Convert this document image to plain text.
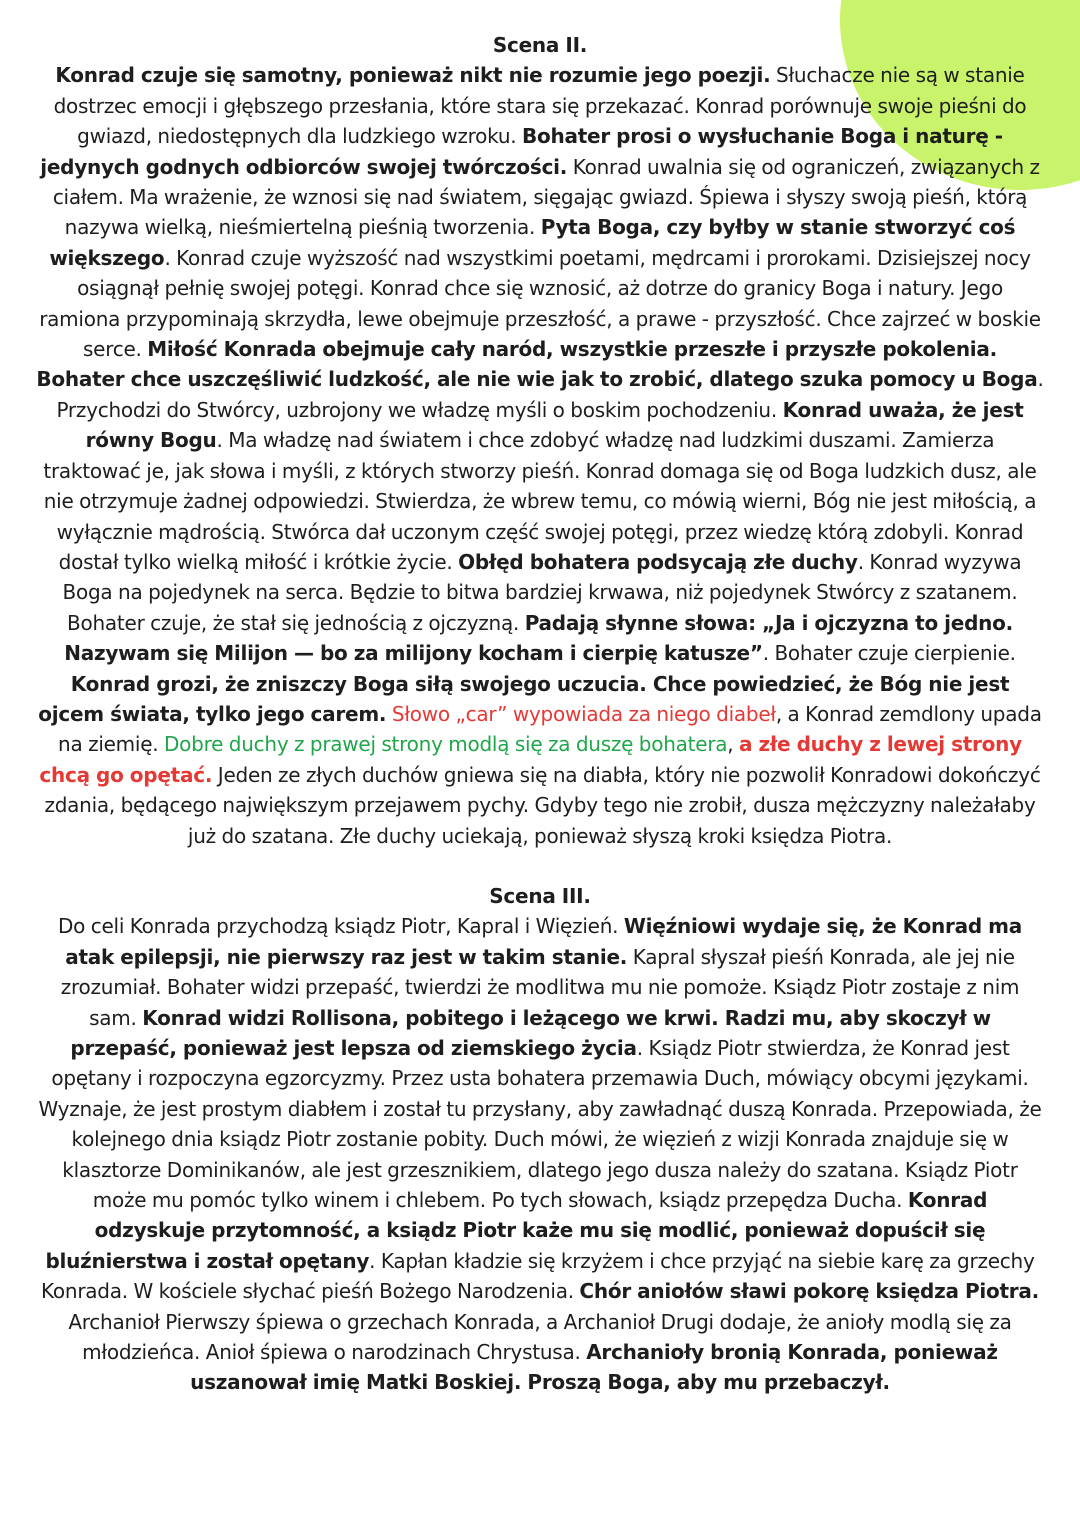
Scena II.

Konrad czuje się samotny, ponieważ nikt nie rozumie jego poezji. Słuchacze nie są w stanie dostrzec emocji i głębszego przesłania, które stara się przekazać. Konrad porównuje swoje pieśni do gwiazd, niedostępnych dla ludzkiego wzroku. Bohater prosi o wysłuchanie Boga i naturę - jedynych godnych odbiorców swojej twórczości. Konrad uwalnia się od ograniczeń, związanych z ciałem. Ma wrażenie, że wznosi się nad światem, sięgając gwiazd. Śpiewa i słyszy swoją pieśń, którą nazywa wielką, nieśmiertelną pieśnią tworzenia. Pyta Boga, czy byłby w stanie stworzyć coś większego. Konrad czuje wyższość nad wszystkimi poetami, mędrcami i prorokami. Dzisiejszej nocy osiągnął pełnię swojej potęgi. Konrad chce się wznosić, aż dotrze do granicy Boga i natury. Jego ramiona przypominają skrzydła, lewe obejmuje przeszłość, a prawe - przyszłość. Chce zajrzeć w boskie serce. Miłość Konrada obejmuje cały naród, wszystkie przeszłe i przyszłe pokolenia. Bohater chce uszczęśliwić ludzkość, ale nie wie jak to zrobić, dlatego szuka pomocy u Boga. Przychodzi do Stwórcy, uzbrojony we władzę myśli o boskim pochodzeniu. Konrad uważa, że jest równy Bogu. Ma władzę nad światem i chce zdobyć władzę nad ludzkimi duszami. Zamierza traktować je, jak słowa i myśli, z których stworzy pieśń. Konrad domaga się od Boga ludzkich dusz, ale nie otrzymuje żadnej odpowiedzi. Stwierdza, że wbrew temu, co mówią wierni, Bóg nie jest miłością, a wyłącznie mądrością. Stwórca dał uczonym część swojej potęgi, przez wiedzę którą zdobyli. Konrad dostał tylko wielką miłość i krótkie życie. Obłęd bohatera podsycają złe duchy. Konrad wyzywa Boga na pojedynek na serca. Będzie to bitwa bardziej krwawa, niż pojedynek Stwórcy z szatanem. Bohater czuje, że stał się jednością z ojczyzną. Padają słynne słowa: „Ja i ojczyzna to jedno. Nazywam się Milijon — bo za milijony kocham i cierpię katusze”. Bohater czuje cierpienie. Konrad grozi, że zniszczy Boga siłą swojego uczucia. Chce powiedzieć, że Bóg nie jest ojcem świata, tylko jego carem. Słowo „car” wypowiada za niego diabeł, a Konrad zemdlony upada na ziemię. Dobre duchy z prawej strony modlą się za duszę bohatera, a złe duchy z lewej strony chcą go opętać. Jeden ze złych duchów gniewa się na diabła, który nie pozwolił Konradowi dokończyć zdania, będącego największym przejawem pychy. Gdyby tego nie zrobił, dusza mężczyzny należałaby już do szatana. Złe duchy uciekają, ponieważ słyszą kroki księdza Piotra.

Scena III.

Do celi Konrada przychodzą ksiądz Piotr, Kapral i Więzień. Więźniowi wydaje się, że Konrad ma atak epilepsji, nie pierwszy raz jest w takim stanie. Kapral słyszał pieśń Konrada, ale jej nie zrozumiał. Bohater widzi przepaść, twierdzi że modlitwa mu nie pomoże. Ksiądz Piotr zostaje z nim sam. Konrad widzi Rollisona, pobitego i leżącego we krwi. Radzi mu, aby skoczył w przepaść, ponieważ jest lepsza od ziemskiego życia. Ksiądz Piotr stwierdza, że Konrad jest opętany i rozpoczyna egzorcyzmy. Przez usta bohatera przemawia Duch, mówiący obcymi językami. Wyznaje, że jest prostym diabłem i został tu przysłany, aby zawładnąć duszą Konrada. Przepowiada, że kolejnego dnia ksiądz Piotr zostanie pobity. Duch mówi, że więzień z wizji Konrada znajduje się w klasztorze Dominikanów, ale jest grzesznikiem, dlatego jego dusza należy do szatana. Ksiądz Piotr może mu pomóc tylko winem i chlebem. Po tych słowach, ksiądz przepędza Ducha. Konrad odzyskuje przytomność, a ksiądz Piotr każe mu się modlić, ponieważ dopuścił się bluźnierstwa i został opętany. Kapłan kładzie się krzyżem i chce przyjąć na siebie karę za grzechy Konrada. W kościele słychać pieśń Bożego Narodzenia. Chór aniołów sławi pokorę księdza Piotra. Archanioł Pierwszy śpiewa o grzechach Konrada, a Archanioł Drugi dodaje, że anioły modlą się za młodzieńca. Anioł śpiewa o narodzinach Chrystusa. Archanioły bronią Konrada, ponieważ uszanował imię Matki Boskiej. Proszą Boga, aby mu przebaczył.
